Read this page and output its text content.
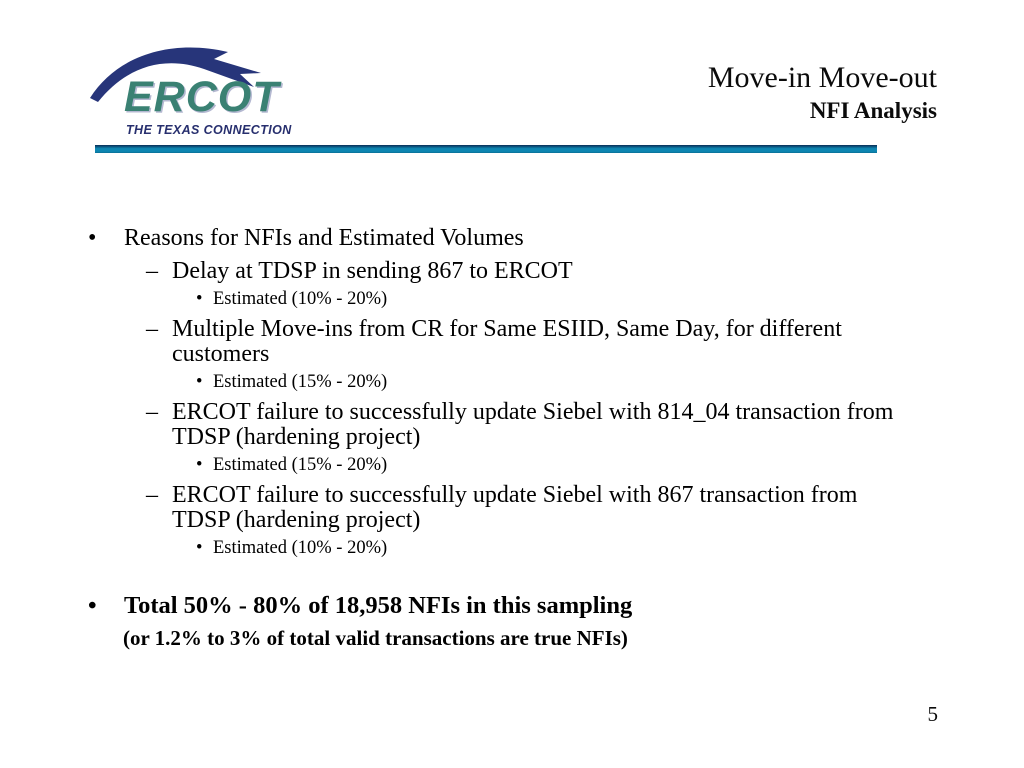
ERCOT
THE TEXAS CONNECTION
Move-in Move-out
NFI Analysis
•	Reasons for NFIs and Estimated Volumes
– Delay at TDSP in sending 867 to ERCOT
• Estimated (10% - 20%)
– Multiple Move-ins from CR for Same ESIID, Same Day, for different customers
• Estimated (15% - 20%)
– ERCOT failure to successfully update Siebel with 814_04 transaction from TDSP (hardening project)
• Estimated (15% - 20%)
– ERCOT failure to successfully update Siebel with 867 transaction from TDSP (hardening project)
• Estimated (10% - 20%)
•	Total 50% - 80% of 18,958 NFIs in this sampling
(or 1.2% to 3% of total valid transactions are true NFIs)
5
